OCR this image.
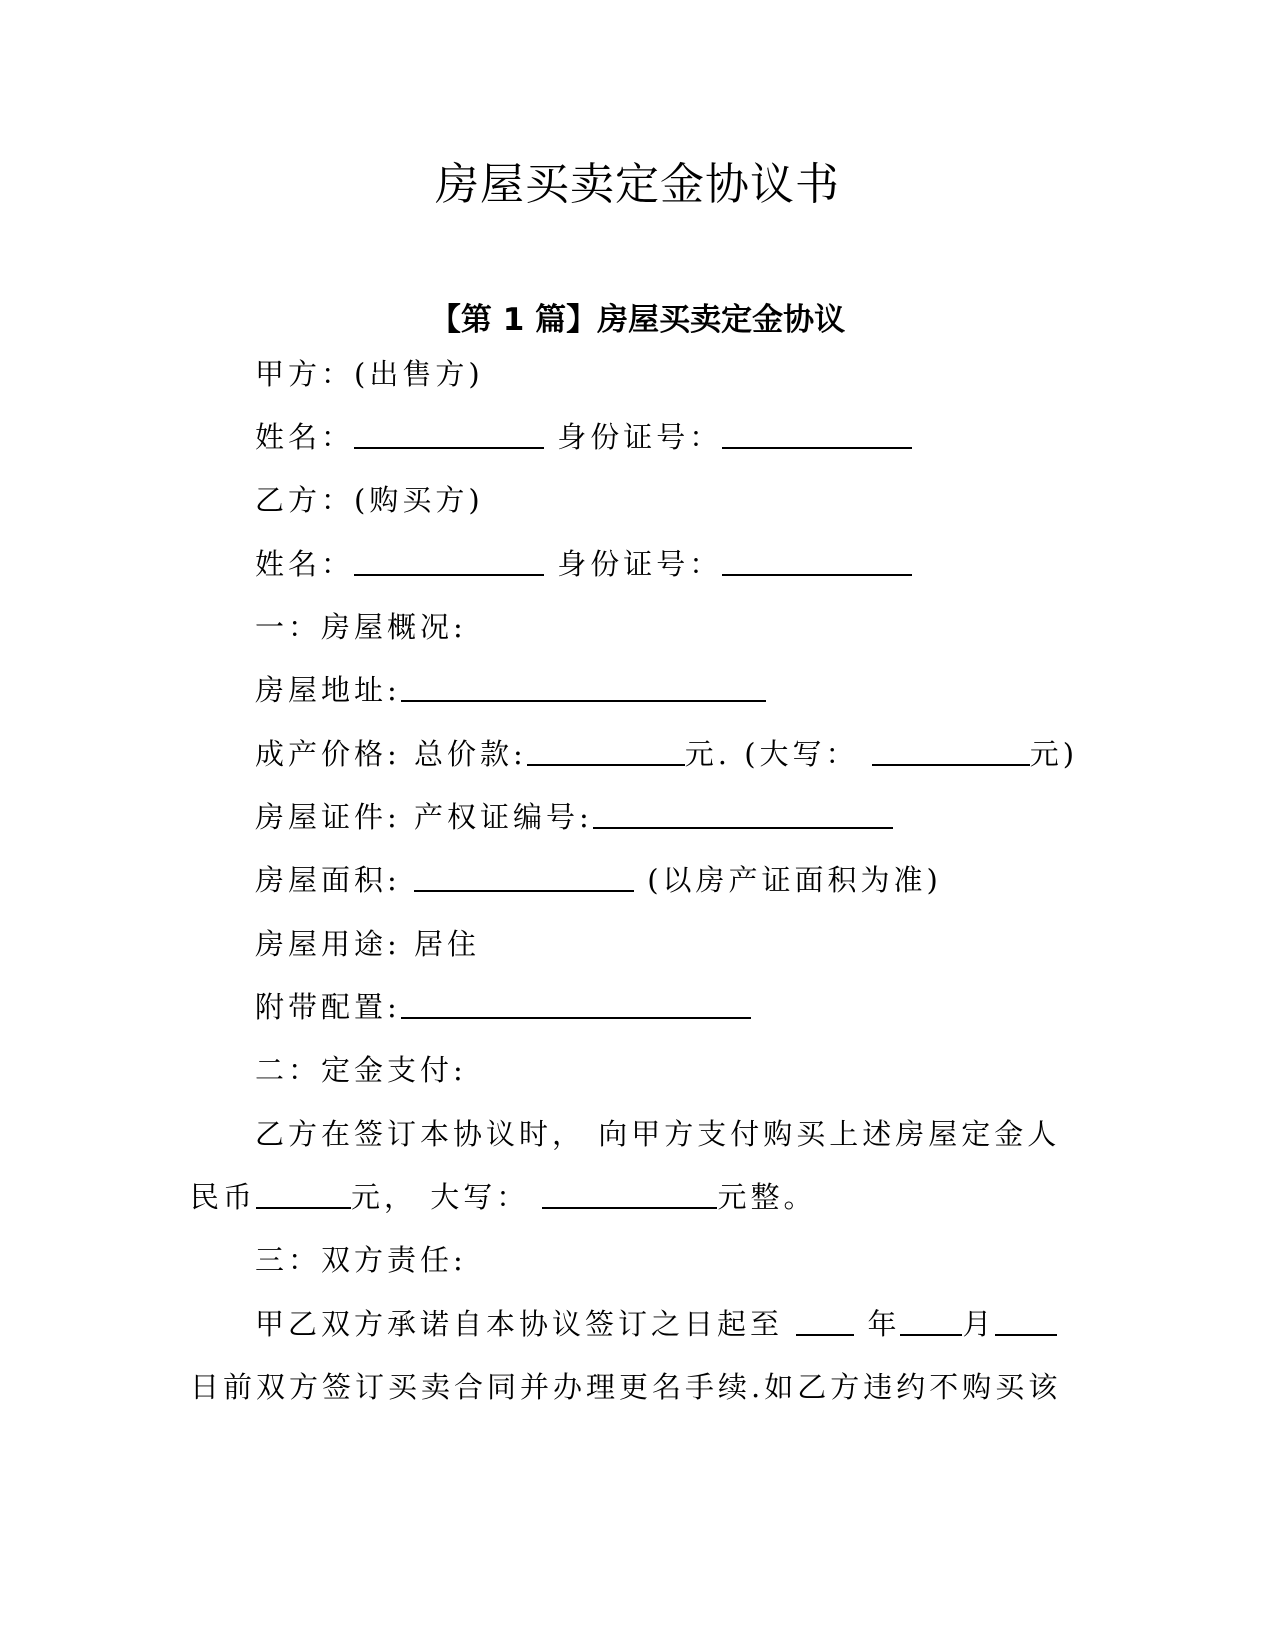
房屋买卖定金协议书
【第 1 篇】房屋买卖定金协议
甲方：(出售方)
姓名：	身份证号：
乙方：(购买方)
姓名：	身份证号：
一：房屋概况:
房屋地址:
成产价格: 总价款:	元. (大写：	元)
房屋证件: 产权证编号:
房屋面积:	(以房产证面积为准)
房屋用途: 居住
附带配置:
二：定金支付:
乙方在签订本协议时， 向甲方支付购买上述房屋定金人
民币	元， 大写：	元整。
三：双方责任:
甲乙双方承诺自本协议签订之日起至	年 月
日前双方签订买卖合同并办理更名手续.如乙方违约不购买该
